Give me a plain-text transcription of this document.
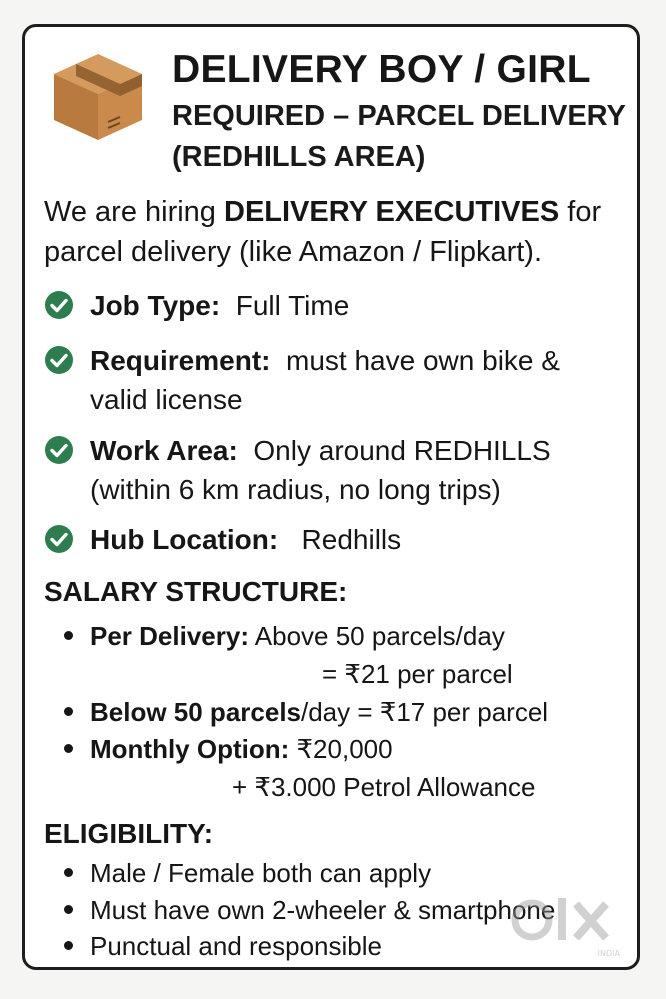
DELIVERY BOY / GIRL
REQUIRED – PARCEL DELIVERY
(REDHILLS AREA)
We are hiring DELIVERY EXECUTIVES for
parcel delivery (like Amazon / Flipkart).
Job Type: Full Time
Requirement: must have own bike &
valid license
Work Area: Only around REDHILLS
(within 6 km radius, no long trips)
Hub Location: Redhills
SALARY STRUCTURE:
Per Delivery: Above 50 parcels/day
= ₹21 per parcel
Below 50 parcels/day = ₹17 per parcel
Monthly Option: ₹20,000
+ ₹3.000 Petrol Allowance
ELIGIBILITY:
Male / Female both can apply
Must have own 2-wheeler & smartphone
Punctual and responsible	INDIA
